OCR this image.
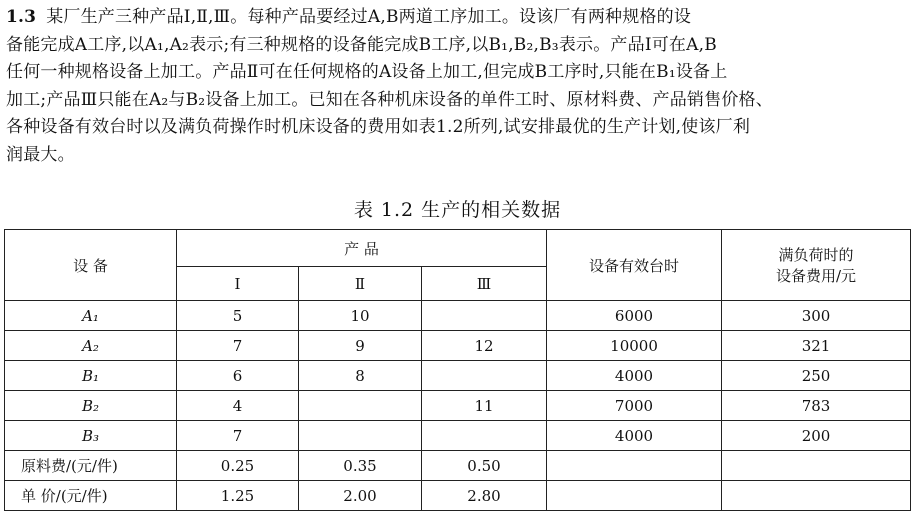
1.3 某厂生产三种产品Ⅰ,Ⅱ,Ⅲ。每种产品要经过A,B两道工序加工。设该厂有两种规格的设
备能完成A工序,以A₁,A₂表示;有三种规格的设备能完成B工序,以B₁,B₂,B₃表示。产品Ⅰ可在A,B
任何一种规格设备上加工。产品Ⅱ可在任何规格的A设备上加工,但完成B工序时,只能在B₁设备上
加工;产品Ⅲ只能在A₂与B₂设备上加工。已知在各种机床设备的单件工时、原材料费、产品销售价格、
各种设备有效台时以及满负荷操作时机床设备的费用如表1.2所列,试安排最优的生产计划,使该厂利
润最大。
表 1.2 生产的相关数据
设 备	产 品			设备有效台时	满负荷时的
设备费用/元

	Ⅰ	Ⅱ	Ⅲ		
A₁	5	10		6000	300
A₂	7	9	12	10000	321
B₁	6	8		4000	250
B₂	4		11	7000	783
B₃	7			4000	200
原料费/(元/件)	0.25	0.35	0.50		
单 价/(元/件)	1.25	2.00	2.80		
